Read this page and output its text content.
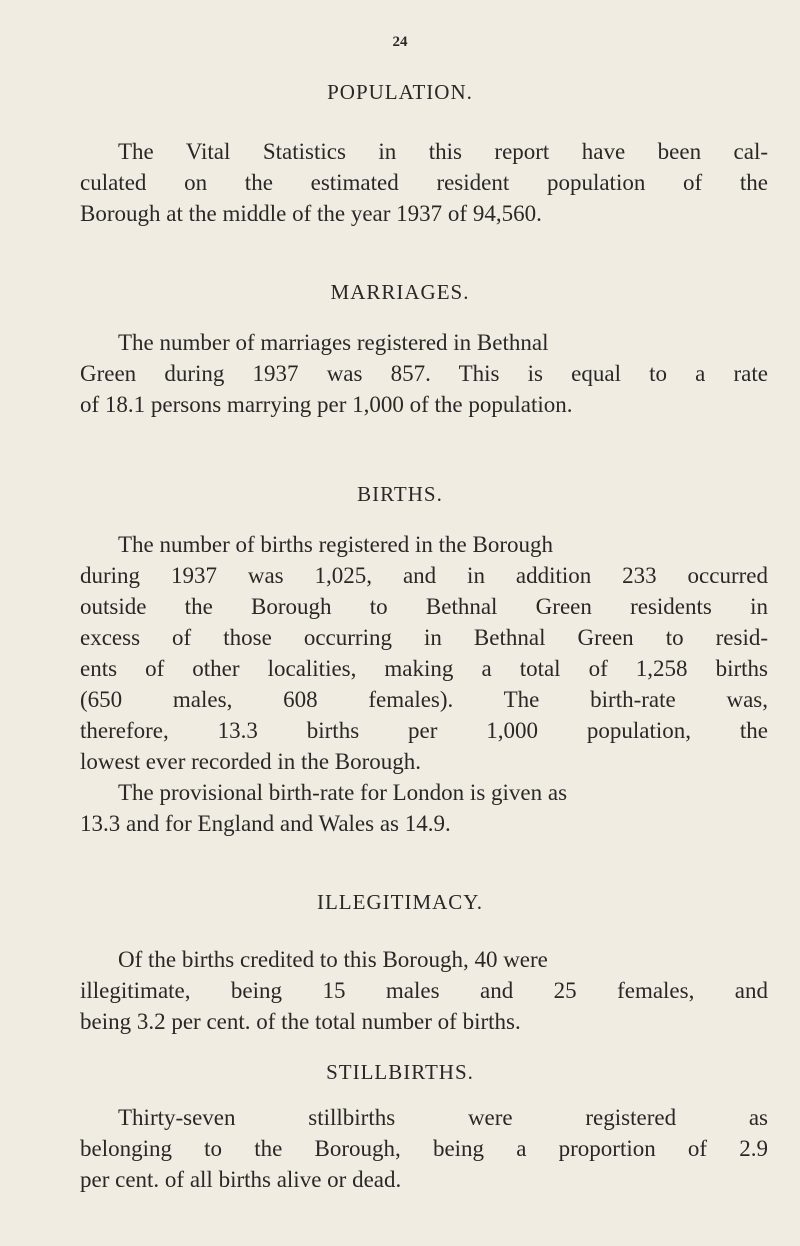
24
POPULATION.
The Vital Statistics in this report have been cal-
culated on the estimated resident population of the
Borough at the middle of the year 1937 of 94,560.
MARRIAGES.
The number of marriages registered in Bethnal
Green during 1937 was 857. This is equal to a rate
of 18.1 persons marrying per 1,000 of the population.
BIRTHS.
The number of births registered in the Borough
during 1937 was 1,025, and in addition 233 occurred
outside the Borough to Bethnal Green residents in
excess of those occurring in Bethnal Green to resid-
ents of other localities, making a total of 1,258 births
(650 males, 608 females). The birth-rate was,
therefore, 13.3 births per 1,000 population, the
lowest ever recorded in the Borough.
The provisional birth-rate for London is given as
13.3 and for England and Wales as 14.9.
ILLEGITIMACY.
Of the births credited to this Borough, 40 were
illegitimate, being 15 males and 25 females, and
being 3.2 per cent. of the total number of births.
STILLBIRTHS.
Thirty-seven stillbirths were registered as
belonging to the Borough, being a proportion of 2.9
per cent. of all births alive or dead.
